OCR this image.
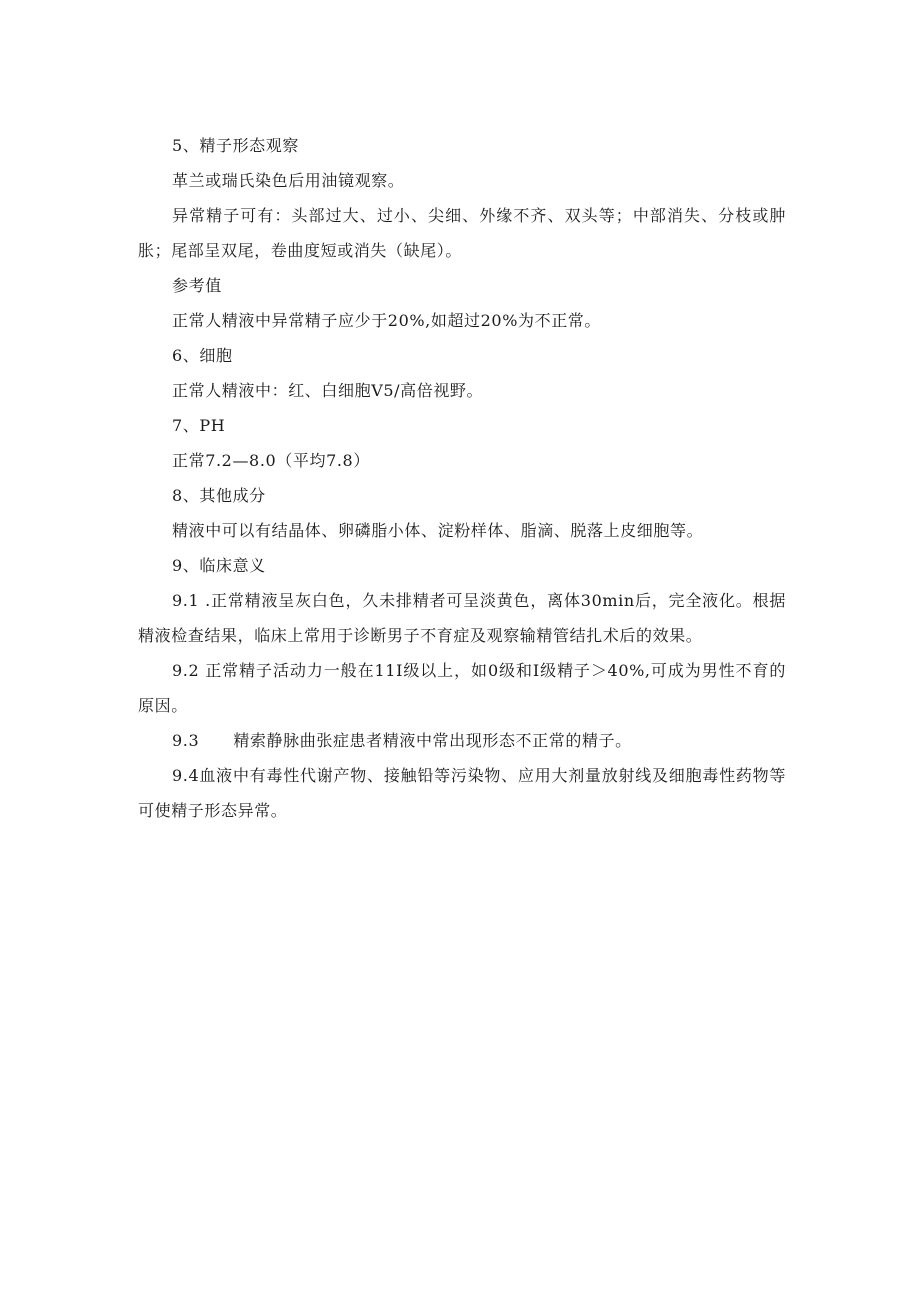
5、精子形态观察

革兰或瑞氏染色后用油镜观察。

异常精子可有：头部过大、过小、尖细、外缘不齐、双头等；中部消失、分枝或肿胀；尾部呈双尾，卷曲度短或消失（缺尾）。

参考值

正常人精液中异常精子应少于20%,如超过20%为不正常。

6、细胞

正常人精液中：红、白细胞V5/高倍视野。

7、PH

正常7.2—8.0（平均7.8）

8、其他成分

精液中可以有结晶体、卵磷脂小体、淀粉样体、脂滴、脱落上皮细胞等。

9、临床意义

9.1 .正常精液呈灰白色，久未排精者可呈淡黄色，离体30min后，完全液化。根据精液检查结果，临床上常用于诊断男子不育症及观察输精管结扎术后的效果。

9.2 正常精子活动力一般在11I级以上，如0级和I级精子＞40%,可成为男性不育的原因。

9.3      精索静脉曲张症患者精液中常出现形态不正常的精子。

9.4血液中有毒性代谢产物、接触铅等污染物、应用大剂量放射线及细胞毒性药物等可使精子形态异常。
